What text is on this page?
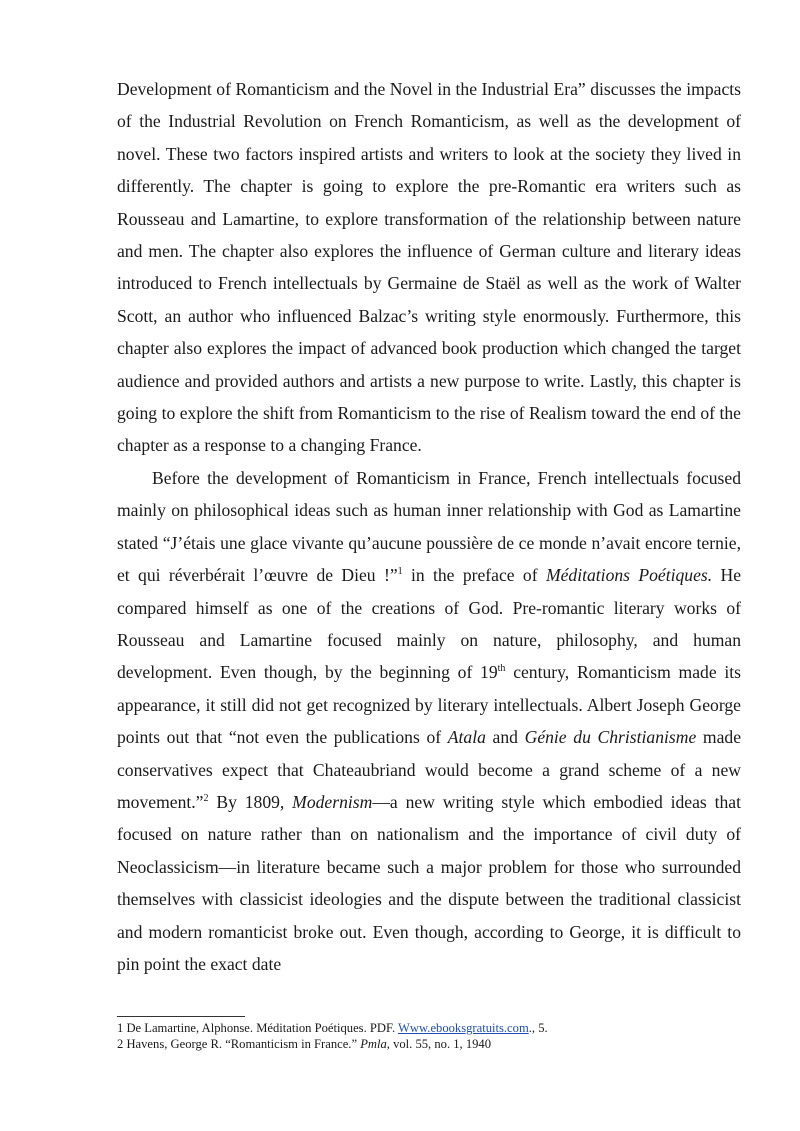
Development of Romanticism and the Novel in the Industrial Era” discusses the impacts of the Industrial Revolution on French Romanticism, as well as the development of novel. These two factors inspired artists and writers to look at the society they lived in differently. The chapter is going to explore the pre-Romantic era writers such as Rousseau and Lamartine, to explore transformation of the relationship between nature and men. The chapter also explores the influence of German culture and literary ideas introduced to French intellectuals by Germaine de Staël as well as the work of Walter Scott, an author who influenced Balzac’s writing style enormously. Furthermore, this chapter also explores the impact of advanced book production which changed the target audience and provided authors and artists a new purpose to write. Lastly, this chapter is going to explore the shift from Romanticism to the rise of Realism toward the end of the chapter as a response to a changing France.

Before the development of Romanticism in France, French intellectuals focused mainly on philosophical ideas such as human inner relationship with God as Lamartine stated “J’étais une glace vivante qu’aucune poussière de ce monde n’avait encore ternie, et qui réverbérait l’œuvre de Dieu !”$^1$ in the preface of Méditations Poétiques. He compared himself as one of the creations of God. Pre-romantic literary works of Rousseau and Lamartine focused mainly on nature, philosophy, and human development. Even though, by the beginning of 19th century, Romanticism made its appearance, it still did not get recognized by literary intellectuals. Albert Joseph George points out that “not even the publications of Atala and Génie du Christianisme made conservatives expect that Chateaubriand would become a grand scheme of a new movement.”$^2$ By 1809, Modernism—a new writing style which embodied ideas that focused on nature rather than on nationalism and the importance of civil duty of Neoclassicism—in literature became such a major problem for those who surrounded themselves with classicist ideologies and the dispute between the traditional classicist and modern romanticist broke out. Even though, according to George, it is difficult to pin point the exact date

1 De Lamartine, Alphonse. Méditation Poétiques. PDF. Www.ebooksgratuits.com., 5.

2 Havens, George R. “Romanticism in France.” Pmla, vol. 55, no. 1, 1940
